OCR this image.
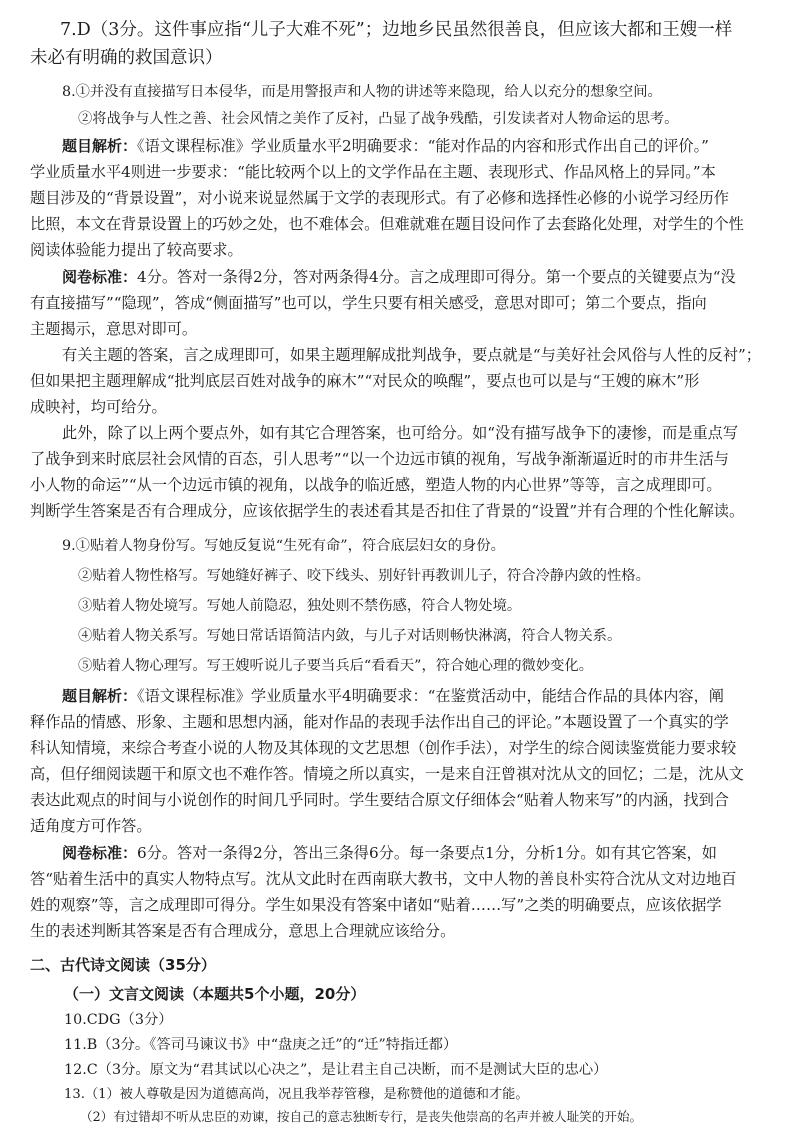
7.D（3分。这件事应指“儿子大难不死”；边地乡民虽然很善良，但应该大都和王嫂一样
未必有明确的救国意识）
8.①并没有直接描写日本侵华，而是用警报声和人物的讲述等来隐现，给人以充分的想象空间。
②将战争与人性之善、社会风情之美作了反衬，凸显了战争残酷，引发读者对人物命运的思考。
题目解析：《语文课程标准》学业质量水平2明确要求：“能对作品的内容和形式作出自己的评价。”
学业质量水平4则进一步要求：“能比较两个以上的文学作品在主题、表现形式、作品风格上的异同。”本
题目涉及的“背景设置”，对小说来说显然属于文学的表现形式。有了必修和选择性必修的小说学习经历作
比照，本文在背景设置上的巧妙之处，也不难体会。但难就难在题目设问作了去套路化处理，对学生的个性
阅读体验能力提出了较高要求。
阅卷标准：4分。答对一条得2分，答对两条得4分。言之成理即可得分。第一个要点的关键要点为“没
有直接描写”“隐现”，答成“侧面描写”也可以，学生只要有相关感受，意思对即可；第二个要点，指向
主题揭示，意思对即可。
有关主题的答案，言之成理即可，如果主题理解成批判战争，要点就是“与美好社会风俗与人性的反衬”；
但如果把主题理解成“批判底层百姓对战争的麻木”“对民众的唤醒”，要点也可以是与“王嫂的麻木”形
成映衬，均可给分。
此外，除了以上两个要点外，如有其它合理答案，也可给分。如“没有描写战争下的凄惨，而是重点写
了战争到来时底层社会风情的百态，引人思考”“以一个边远市镇的视角，写战争渐渐逼近时的市井生活与
小人物的命运”“从一个边远市镇的视角，以战争的临近感，塑造人物的内心世界”等等，言之成理即可。
判断学生答案是否有合理成分，应该依据学生的表述看其是否扣住了背景的“设置”并有合理的个性化解读。
9.①贴着人物身份写。写她反复说“生死有命”，符合底层妇女的身份。
②贴着人物性格写。写她缝好裤子、咬下线头、别好针再教训儿子，符合冷静内敛的性格。
③贴着人物处境写。写她人前隐忍，独处则不禁伤感，符合人物处境。
④贴着人物关系写。写她日常话语简洁内敛，与儿子对话则畅快淋漓，符合人物关系。
⑤贴着人物心理写。写王嫂听说儿子要当兵后“看看天”，符合她心理的微妙变化。
题目解析：《语文课程标准》学业质量水平4明确要求：“在鉴赏活动中，能结合作品的具体内容，阐
释作品的情感、形象、主题和思想内涵，能对作品的表现手法作出自己的评论。”本题设置了一个真实的学
科认知情境，来综合考查小说的人物及其体现的文艺思想（创作手法），对学生的综合阅读鉴赏能力要求较
高，但仔细阅读题干和原文也不难作答。情境之所以真实，一是来自汪曾祺对沈从文的回忆；二是，沈从文
表达此观点的时间与小说创作的时间几乎同时。学生要结合原文仔细体会“贴着人物来写”的内涵，找到合
适角度方可作答。
阅卷标准：6分。答对一条得2分，答出三条得6分。每一条要点1分，分析1分。如有其它答案，如
答“贴着生活中的真实人物特点写。沈从文此时在西南联大教书，文中人物的善良朴实符合沈从文对边地百
姓的观察”等，言之成理即可得分。学生如果没有答案中诸如“贴着……写”之类的明确要点，应该依据学
生的表述判断其答案是否有合理成分，意思上合理就应该给分。
二、古代诗文阅读（35分）
（一）文言文阅读（本题共5个小题，20分）
10.CDG（3分）
11.B（3分。《答司马谏议书》中“盘庚之迁”的“迁”特指迁都）
12.C（3分。原文为“君其试以心决之”，是让君主自己决断，而不是测试大臣的忠心）
13.（1）被人尊敬是因为道德高尚，况且我举荐管穆，是称赞他的道德和才能。
（2）有过错却不听从忠臣的劝谏，按自己的意志独断专行，是丧失他崇高的名声并被人耻笑的开始。
